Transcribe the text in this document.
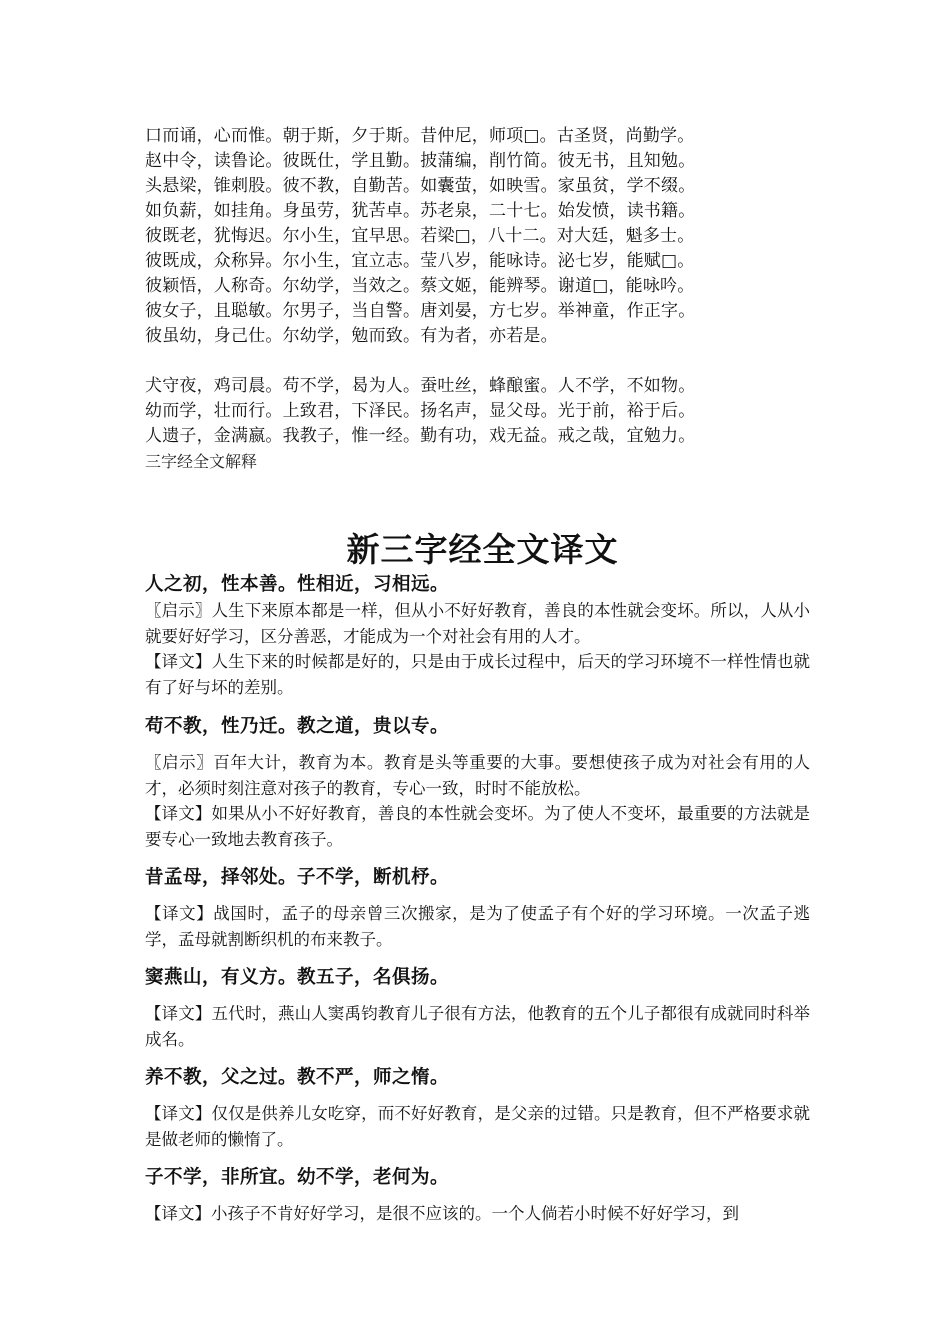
口而诵，心而惟。朝于斯，夕于斯。昔仲尼，师项□。古圣贤，尚勤学。
赵中令，读鲁论。彼既仕，学且勤。披蒲编，削竹简。彼无书，且知勉。
头悬梁，锥刺股。彼不教，自勤苦。如囊萤，如映雪。家虽贫，学不缀。
如负薪，如挂角。身虽劳，犹苦卓。苏老泉，二十七。始发愤，读书籍。
彼既老，犹悔迟。尔小生，宜早思。若梁□，八十二。对大廷，魁多士。
彼既成，众称异。尔小生，宜立志。莹八岁，能咏诗。泌七岁，能赋□。
彼颖悟，人称奇。尔幼学，当效之。蔡文姬，能辨琴。谢道□，能咏吟。
彼女子，且聪敏。尔男子，当自警。唐刘晏，方七岁。举神童，作正字。
彼虽幼，身己仕。尔幼学，勉而致。有为者，亦若是。
犬守夜，鸡司晨。苟不学，曷为人。蚕吐丝，蜂酿蜜。人不学，不如物。
幼而学，壮而行。上致君，下泽民。扬名声，显父母。光于前，裕于后。
人遗子，金满嬴。我教子，惟一经。勤有功，戏无益。戒之哉，宜勉力。
三字经全文解释
新三字经全文译文
人之初，性本善。性相近，习相远。
〖启示〗人生下来原本都是一样，但从小不好好教育，善良的本性就会变坏。所以，人从小就要好好学习，区分善恶，才能成为一个对社会有用的人才。
【译文】人生下来的时候都是好的，只是由于成长过程中，后天的学习环境不一样性情也就有了好与坏的差别。
苟不教，性乃迁。教之道，贵以专。
〖启示〗百年大计，教育为本。教育是头等重要的大事。要想使孩子成为对社会有用的人才，必须时刻注意对孩子的教育，专心一致，时时不能放松。
【译文】如果从小不好好教育，善良的本性就会变坏。为了使人不变坏，最重要的方法就是要专心一致地去教育孩子。
昔孟母，择邻处。子不学，断机杼。
【译文】战国时，孟子的母亲曾三次搬家，是为了使孟子有个好的学习环境。一次孟子逃学，孟母就割断织机的布来教子。
窦燕山，有义方。教五子，名俱扬。
【译文】五代时，燕山人窦禹钧教育儿子很有方法，他教育的五个儿子都很有成就同时科举成名。
养不教，父之过。教不严，师之惰。
【译文】仅仅是供养儿女吃穿，而不好好教育，是父亲的过错。只是教育，但不严格要求就是做老师的懒惰了。
子不学，非所宜。幼不学，老何为。
【译文】小孩子不肯好好学习，是很不应该的。一个人倘若小时候不好好学习，到
